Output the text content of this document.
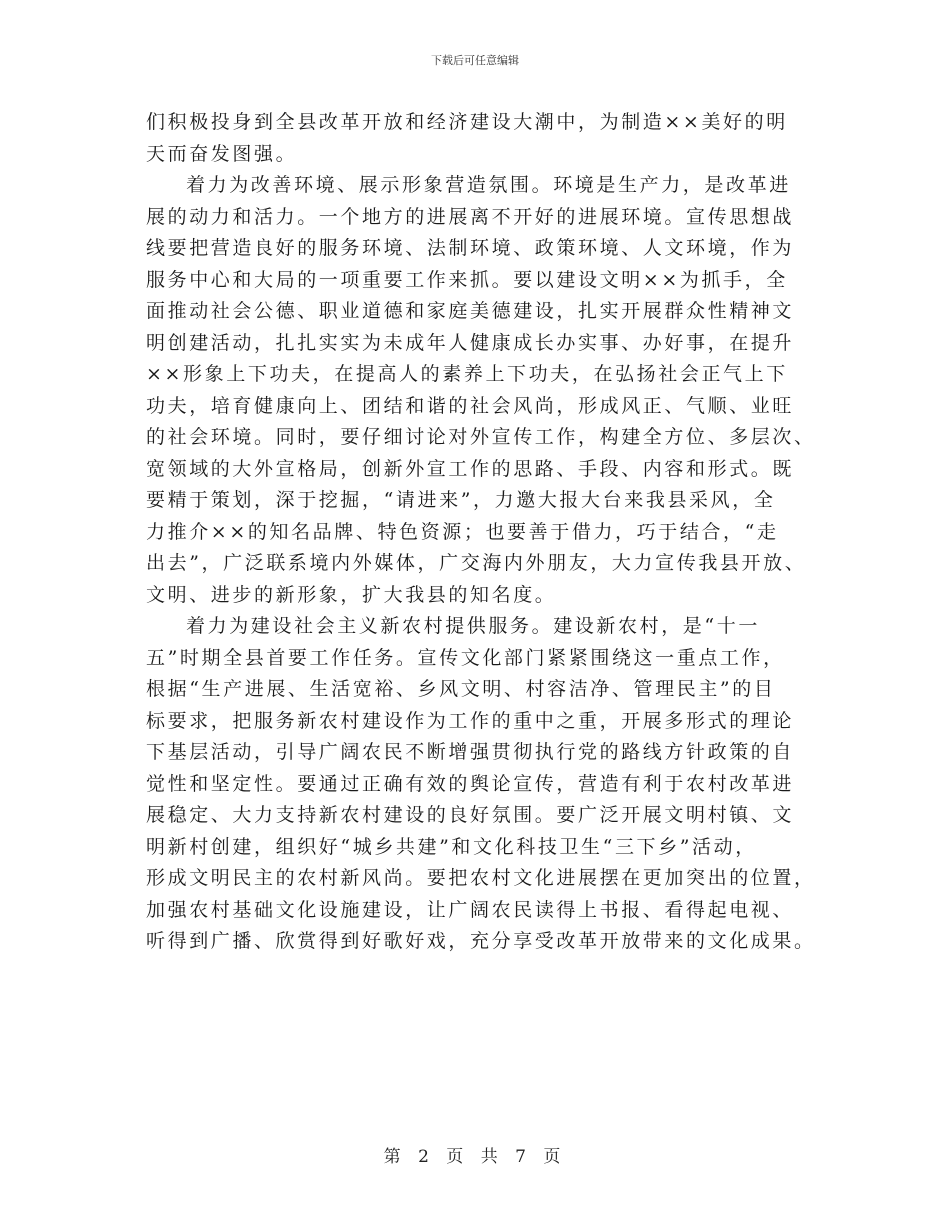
下载后可任意编辑
们积极投身到全县改革开放和经济建设大潮中，为制造××美好的明
天而奋发图强。
着力为改善环境、展示形象营造氛围。环境是生产力，是改革进
展的动力和活力。一个地方的进展离不开好的进展环境。宣传思想战
线要把营造良好的服务环境、法制环境、政策环境、人文环境，作为
服务中心和大局的一项重要工作来抓。要以建设文明××为抓手，全
面推动社会公德、职业道德和家庭美德建设，扎实开展群众性精神文
明创建活动，扎扎实实为未成年人健康成长办实事、办好事，在提升
××形象上下功夫，在提高人的素养上下功夫，在弘扬社会正气上下
功夫，培育健康向上、团结和谐的社会风尚，形成风正、气顺、业旺
的社会环境。同时，要仔细讨论对外宣传工作，构建全方位、多层次、
宽领域的大外宣格局，创新外宣工作的思路、手段、内容和形式。既
要精于策划，深于挖掘，“请进来”，力邀大报大台来我县采风，全
力推介××的知名品牌、特色资源；也要善于借力，巧于结合，“走
出去”，广泛联系境内外媒体，广交海内外朋友，大力宣传我县开放、
文明、进步的新形象，扩大我县的知名度。
着力为建设社会主义新农村提供服务。建设新农村，是“十一
五”时期全县首要工作任务。宣传文化部门紧紧围绕这一重点工作，
根据“生产进展、生活宽裕、乡风文明、村容洁净、管理民主”的目
标要求，把服务新农村建设作为工作的重中之重，开展多形式的理论
下基层活动，引导广阔农民不断增强贯彻执行党的路线方针政策的自
觉性和坚定性。要通过正确有效的舆论宣传，营造有利于农村改革进
展稳定、大力支持新农村建设的良好氛围。要广泛开展文明村镇、文
明新村创建，组织好“城乡共建”和文化科技卫生“三下乡”活动，
形成文明民主的农村新风尚。要把农村文化进展摆在更加突出的位置，
加强农村基础文化设施建设，让广阔农民读得上书报、看得起电视、
听得到广播、欣赏得到好歌好戏，充分享受改革开放带来的文化成果。
第 2 页 共 7 页
